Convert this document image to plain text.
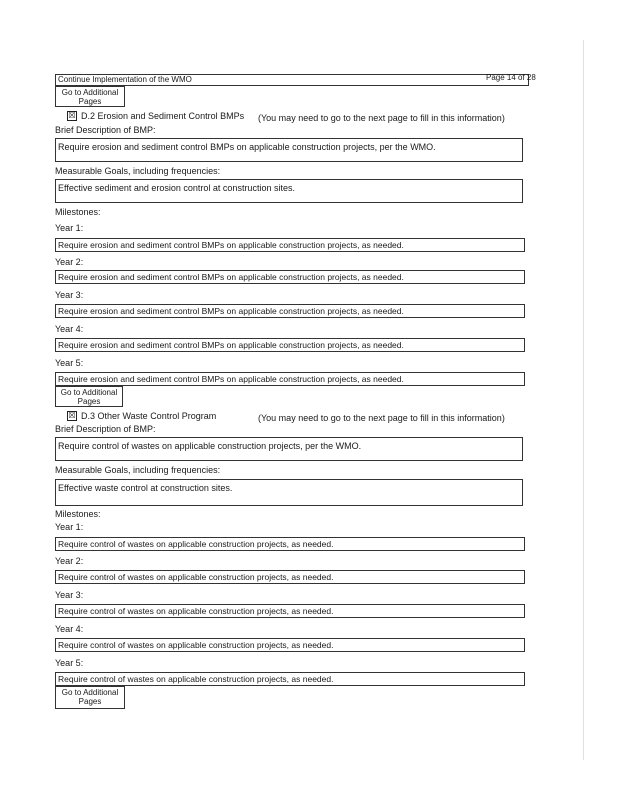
Continue Implementation of the WMO	Page 14 of 28
Go to Additional Pages
☒ D.2 Erosion and Sediment Control BMPs (You may need to go to the next page to fill in this information)
Brief Description of BMP:
Require erosion and sediment control BMPs on applicable construction projects, per the WMO.
Measurable Goals, including frequencies:
Effective sediment and erosion control at construction sites.
Milestones:
Year 1:
Require erosion and sediment control BMPs on applicable construction projects, as needed.
Year 2:
Require erosion and sediment control BMPs on applicable construction projects, as needed.
Year 3:
Require erosion and sediment control BMPs on applicable construction projects, as needed.
Year 4:
Require erosion and sediment control BMPs on applicable construction projects, as needed.
Year 5:
Require erosion and sediment control BMPs on applicable construction projects, as needed.
Go to Additional Pages
☒ D.3 Other Waste Control Program	(You may need to go to the next page to fill in this information)
Brief Description of BMP:
Require control of wastes on applicable construction projects, per the WMO.
Measurable Goals, including frequencies:
Effective waste control at construction sites.
Milestones:
Year 1:
Require control of wastes on applicable construction projects, as needed.
Year 2:
Require control of wastes on applicable construction projects, as needed.
Year 3:
Require control of wastes on applicable construction projects, as needed.
Year 4:
Require control of wastes on applicable construction projects, as needed.
Year 5:
Require control of wastes on applicable construction projects, as needed.
Go to Additional Pages
